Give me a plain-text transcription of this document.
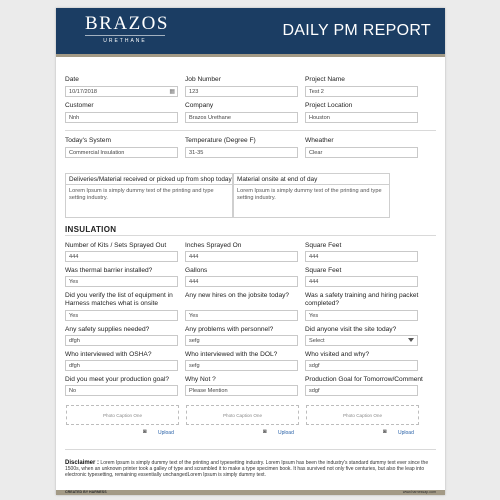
BRAZOS
URETHANE
DAILY PM REPORT
Date
10/17/2018	▦
Job Number
123
Project Name
Test 2
Customer
Nnh
Company
Brazos Urethane
Project Location
Houston
Today's System
Commercial Insulation
Temperature (Degree F)
31-35
Wheather
Clear
Deliveries/Material received or picked up from shop today
Lorem Ipsum is simply dummy text of the printing and type setting industry.
Material onsite at end of day
Lorem Ipsum is simply dummy text of the printing and type setting industry.
INSULATION
Number of Kits / Sets Sprayed Out
444
Inches Sprayed On
444
Square Feet
444
Was thermal barrier installed?
Yes
Gallons
444
Square Feet
444
Did you verify the list of equipment in Harness matches what is onsite
Yes
Any new hires on the jobsite today?
Yes
Was a safety training and hiring packet completed?
Yes
Any safety supplies needed?
dfgh
Any problems with personnel?
sefg
Did anyone visit the site today?
Select
Who interviewed with OSHA?
dfgh
Who interviewed with the DOL?
sefg
Who visited and why?
sdgf
Did you meet your production goal?
No
Why Not ?
Please Mention
Production Goal for Tomorrow/Comment
sdgf
Photo Caption One
◙ Upload
Photo Caption One
◙ Upload
Photo Caption One
◙ Upload
Disclaimer : Lorem Ipsum is simply dummy text of the printing and typesetting industry. Lorem Ipsum has been the industry's standard dummy text ever since the 1500s, when an unknown printer took a galley of type and scrambled it to make a type specimen book. It has survived not only five centuries, but also the leap into electronic typesetting, remaining essentially unchangedLorem Ipsum is simply dummy text.
CREATED BY HARNESS	www.harnessap.com
